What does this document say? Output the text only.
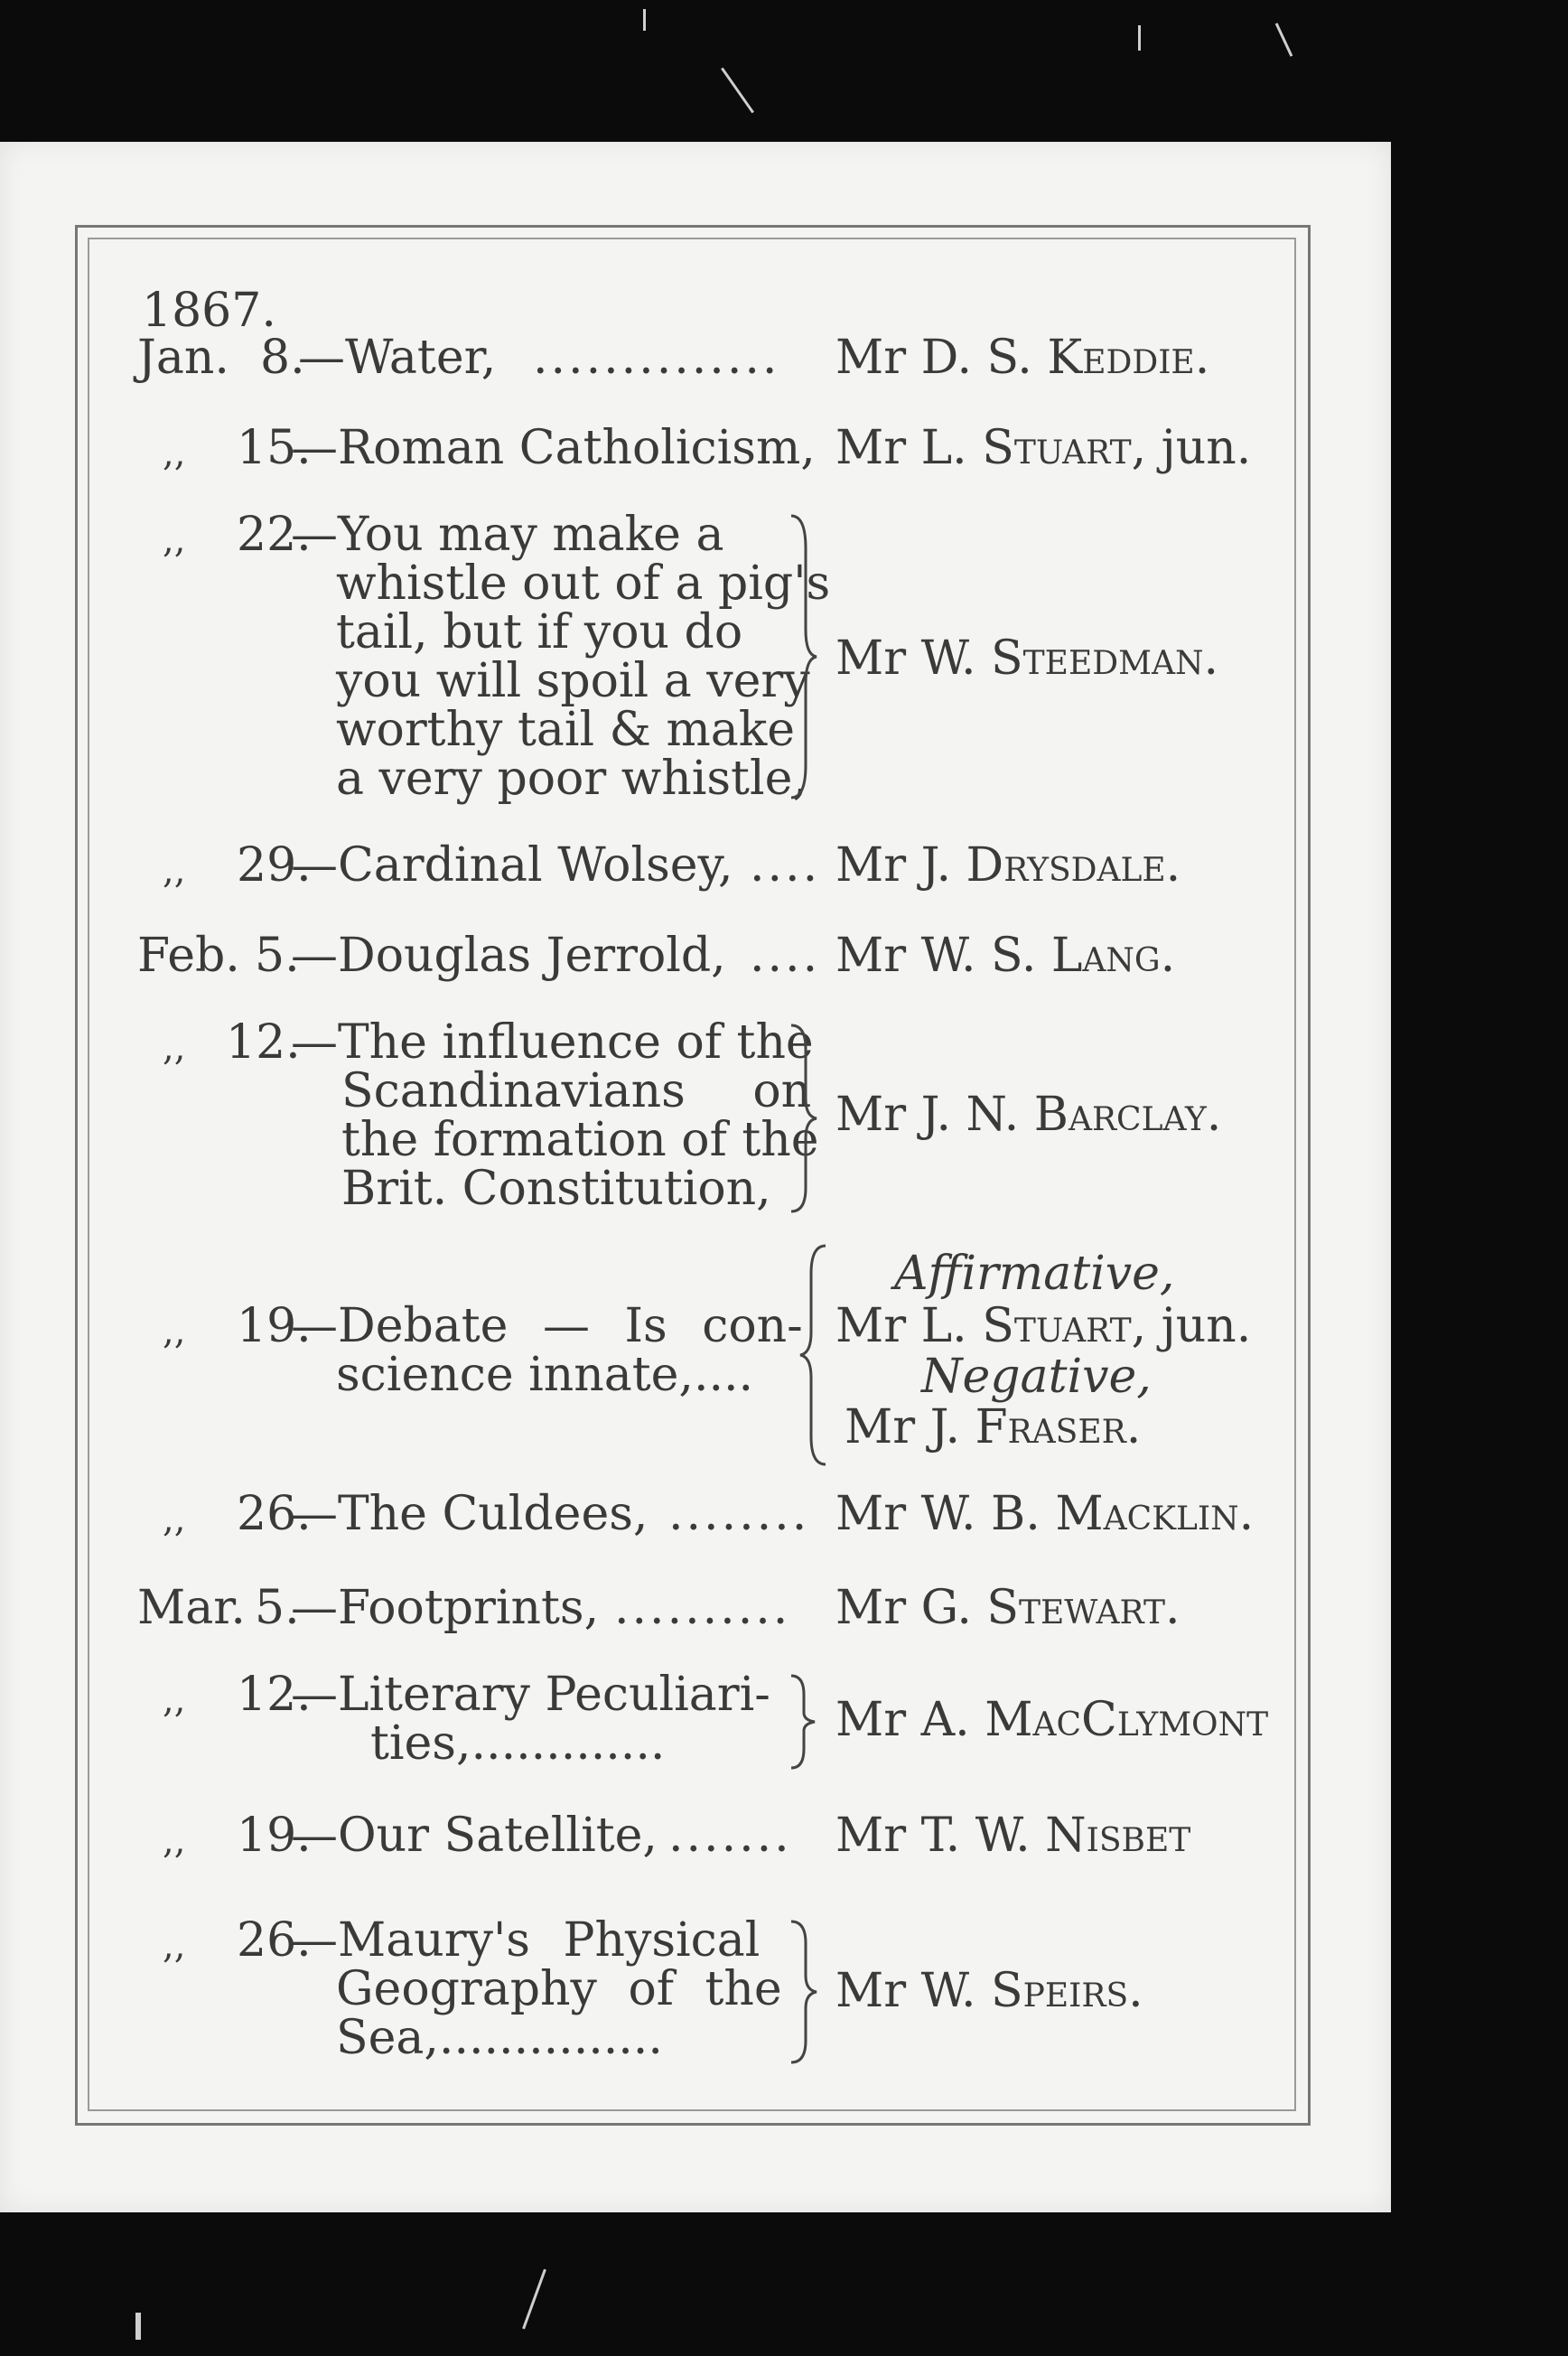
1867.
Jan. 8.
—Water, .............. Mr D. S. Keddie.
,, 15.
—Roman Catholicism, Mr L. Stuart, jun.
,, 22.
—You may make a
whistle out of a pig's
tail, but if you do
you will spoil a very
worthy tail & make
a very poor whistle,
Mr W. Steedman.
,, 29.
—Cardinal Wolsey, .... Mr J. Drysdale.
Feb. 5.
—Douglas Jerrold, .... Mr W. S. Lang.
,, 12.
—The influence of the
Scandinavians on
the formation of the
Brit. Constitution,
Mr J. N. Barclay.
,, 19.
—Debate — Is con-
science innate,....
Affirmative,
Mr L. Stuart, jun.
Negative,
Mr J. Fraser.
,, 26.
—The Culdees, ........ Mr W. B. Macklin.
Mar. 5.
—Footprints, .......... Mr G. Stewart.
,, 12.
—Literary Peculiari-
ties,.............	Mr A. MacClymont
,, 19.
—Our Satellite, ....... Mr T. W. Nisbet
,, 26.
—Maury's Physical
Geography of the
Sea,...............
Mr W. Speirs.
